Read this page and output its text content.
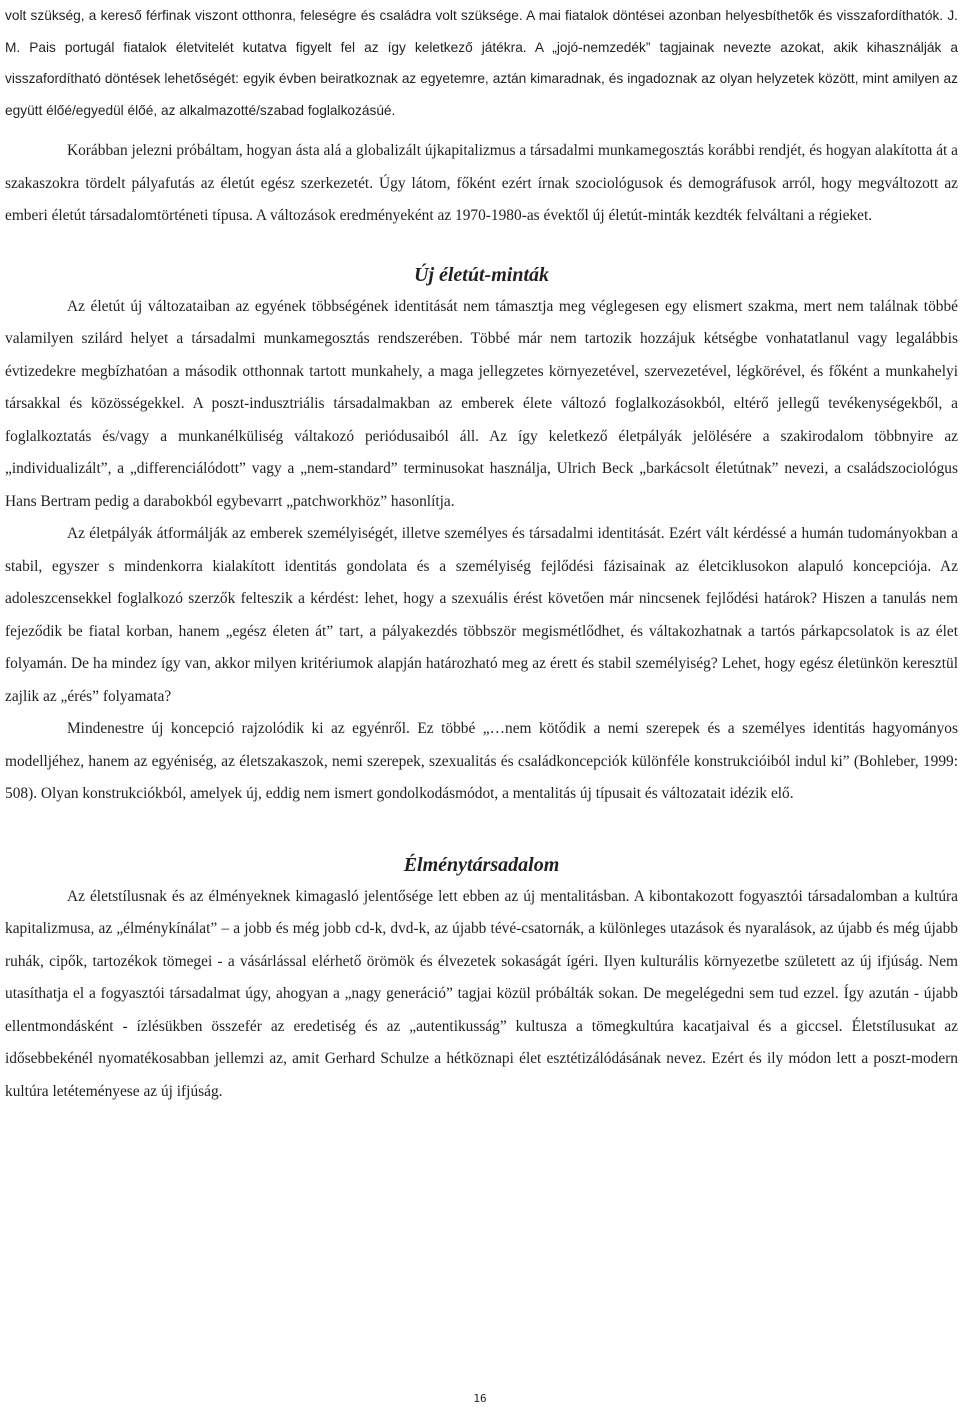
volt szükség, a kereső férfinak viszont otthonra, feleségre és családra volt szüksége. A mai fiatalok döntései azonban helyesbíthetők és visszafordíthatók. J. M. Pais portugál fiatalok életvitelét kutatva figyelt fel az így keletkező játékra. A „jojó-nemzedék” tagjainak nevezte azokat, akik kihasználják a visszafordítható döntések lehetőségét: egyik évben beiratkoznak az egyetemre, aztán kimaradnak, és ingadoznak az olyan helyzetek között, mint amilyen az együtt élőé/egyedül élőé, az alkalmazotté/szabad foglalkozásúé.

Korábban jelezni próbáltam, hogyan ásta alá a globalizált újkapitalizmus a társadalmi munkamegosztás korábbi rendjét, és hogyan alakította át a szakaszokra tördelt pályafutás az életút egész szerkezetét. Úgy látom, főként ezért írnak szociológusok és demográfusok arról, hogy megváltozott az emberi életút társadalomtörténeti típusa. A változások eredményeként az 1970-1980-as évektől új életút-minták kezdték felváltani a régieket.

Új életút-minták

Az életút új változataiban az egyének többségének identitását nem támasztja meg véglegesen egy elismert szakma, mert nem találnak többé valamilyen szilárd helyet a társadalmi munkamegosztás rendszerében. Többé már nem tartozik hozzájuk kétségbe vonhatatlanul vagy legalábbis évtizedekre megbízhatóan a második otthonnak tartott munkahely, a maga jellegzetes környezetével, szervezetével, légkörével, és főként a munkahelyi társakkal és közösségekkel. A poszt-indusztriális társadalmakban az emberek élete változó foglalkozásokból, eltérő jellegű tevékenységekből, a foglalkoztatás és/vagy a munkanélküliség váltakozó periódusaiból áll. Az így keletkező életpályák jelölésére a szakirodalom többnyire az „individualizált”, a „differenciálódott” vagy a „nem-standard” terminusokat használja, Ulrich Beck „barkácsolt életútnak” nevezi, a családszociológus Hans Bertram pedig a darabokból egybevarrt „patchworkhöz” hasonlítja.

Az életpályák átformálják az emberek személyiségét, illetve személyes és társadalmi identitását. Ezért vált kérdéssé a humán tudományokban a stabil, egyszer s mindenkorra kialakított identitás gondolata és a személyiség fejlődési fázisainak az életciklusokon alapuló koncepciója. Az adoleszcensekkel foglalkozó szerzők felteszik a kérdést: lehet, hogy a szexuális érést követően már nincsenek fejlődési határok? Hiszen a tanulás nem fejeződik be fiatal korban, hanem „egész életen át” tart, a pályakezdés többször megismétlődhet, és váltakozhatnak a tartós párkapcsolatok is az élet folyamán. De ha mindez így van, akkor milyen kritériumok alapján határozható meg az érett és stabil személyiség? Lehet, hogy egész életünkön keresztül zajlik az „érés” folyamata?

Mindenestre új koncepció rajzolódik ki az egyénről. Ez többé „…nem kötődik a nemi szerepek és a személyes identitás hagyományos modelljéhez, hanem az egyéniség, az életszakaszok, nemi szerepek, szexualitás és családkoncepciók különféle konstrukcióiból indul ki” (Bohleber, 1999: 508). Olyan konstrukciókból, amelyek új, eddig nem ismert gondolkodásmódot, a mentalitás új típusait és változatait idézik elő.

Élménytársadalom

Az életstílusnak és az élményeknek kimagasló jelentősége lett ebben az új mentalitásban. A kibontakozott fogyasztói társadalomban a kultúra kapitalizmusa, az „élménykínálat” – a jobb és még jobb cd-k, dvd-k, az újabb tévé-csatornák, a különleges utazások és nyaralások, az újabb és még újabb ruhák, cipők, tartozékok tömegei - a vásárlással elérhető örömök és élvezetek sokaságát ígéri. Ilyen kulturális környezetbe született az új ifjúság. Nem utasíthatja el a fogyasztói társadalmat úgy, ahogyan a „nagy generáció” tagjai közül próbálták sokan. De megelégedni sem tud ezzel. Így azután - újabb ellentmondásként - ízlésükben összefér az eredetiség és az „autentikusság” kultusza a tömegkultúra kacatjaival és a giccsel. Életstílusukat az idősebbekénél nyomatékosabban jellemzi az, amit Gerhard Schulze a hétköznapi élet esztétizálódásának nevez. Ezért és ily módon lett a poszt-modern kultúra letéteményese az új ifjúság.

16
